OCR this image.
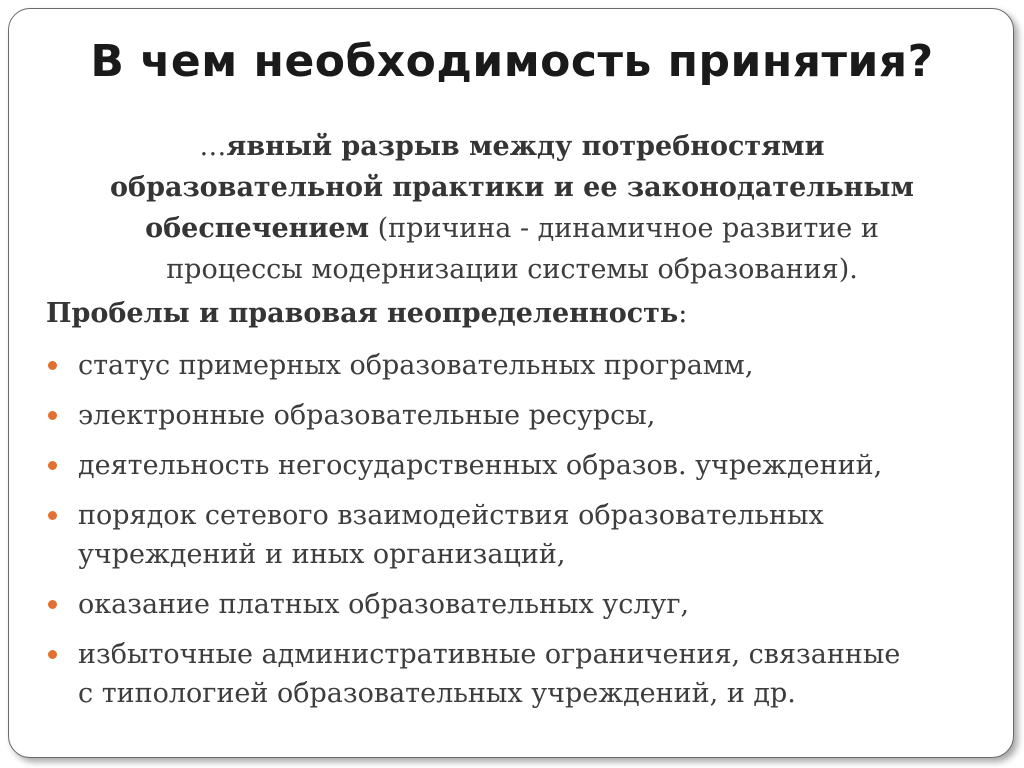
В чем необходимость принятия?
…явный разрыв между потребностями
образовательной практики и ее законодательным
обеспечением (причина - динамичное развитие и
процессы модернизации системы образования).
Пробелы и правовая неопределенность:
статус примерных образовательных программ,
электронные образовательные ресурсы,
деятельность негосударственных образов. учреждений,
порядок сетевого взаимодействия образовательных
учреждений и иных организаций,
оказание платных образовательных услуг,
избыточные административные ограничения, связанные
с типологией образовательных учреждений, и др.
